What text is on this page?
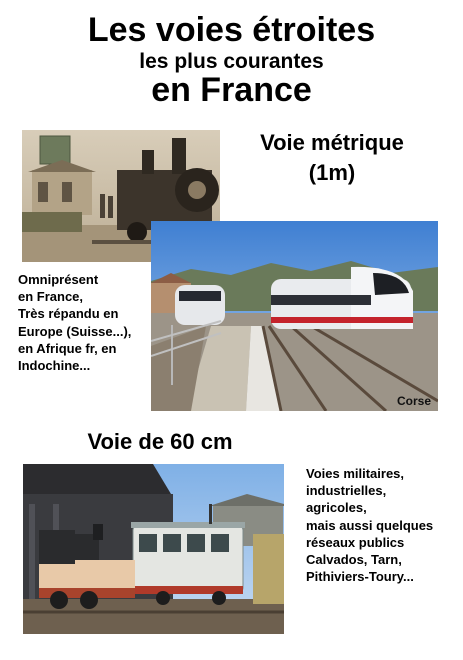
Les voies étroites
les plus courantes
en France
Voie métrique
(1m)
Omniprésent
en France,
Très répandu en
Europe (Suisse...),
en Afrique fr, en
Indochine...
Corse
Voie de 60 cm
Voies militaires,
industrielles,
agricoles,
mais aussi quelques
réseaux publics
Calvados, Tarn,
Pithiviers-Toury...
